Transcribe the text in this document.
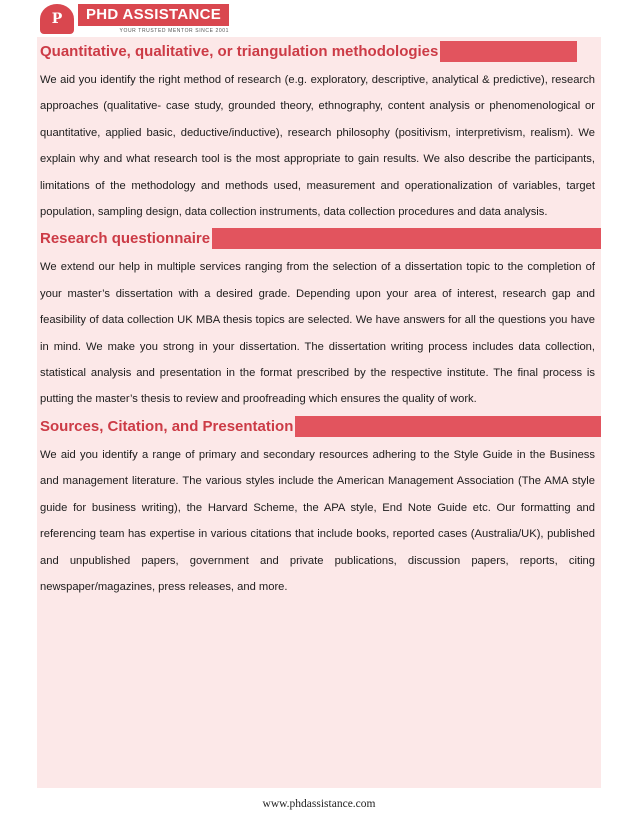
P	PHD ASSISTANCE
YOUR TRUSTED MENTOR SINCE 2001
Quantitative, qualitative, or triangulation methodologies

We aid you identify the right method of research (e.g. exploratory, descriptive, analytical & predictive), research approaches (qualitative- case study, grounded theory, ethnography, content analysis or phenomenological or quantitative, applied basic, deductive/inductive), research philosophy (positivism, interpretivism, realism). We explain why and what research tool is the most appropriate to gain results. We also describe the participants, limitations of the methodology and methods used, measurement and operationalization of variables, target population, sampling design, data collection instruments, data collection procedures and data analysis.

Research questionnaire

We extend our help in multiple services ranging from the selection of a dissertation topic to the completion of your master’s dissertation with a desired grade. Depending upon your area of interest, research gap and feasibility of data collection UK MBA thesis topics are selected. We have answers for all the questions you have in mind. We make you strong in your dissertation. The dissertation writing process includes data collection, statistical analysis and presentation in the format prescribed by the respective institute. The final process is putting the master’s thesis to review and proofreading which ensures the quality of work.

Sources, Citation, and Presentation

We aid you identify a range of primary and secondary resources adhering to the Style Guide in the Business and management literature. The various styles include the American Management Association (The AMA style guide for business writing), the Harvard Scheme, the APA style, End Note Guide etc. Our formatting and referencing team has expertise in various citations that include books, reported cases (Australia/UK), published and unpublished papers, government and private publications, discussion papers, reports, citing newspaper/magazines, press releases, and more.

www.phdassistance.com
